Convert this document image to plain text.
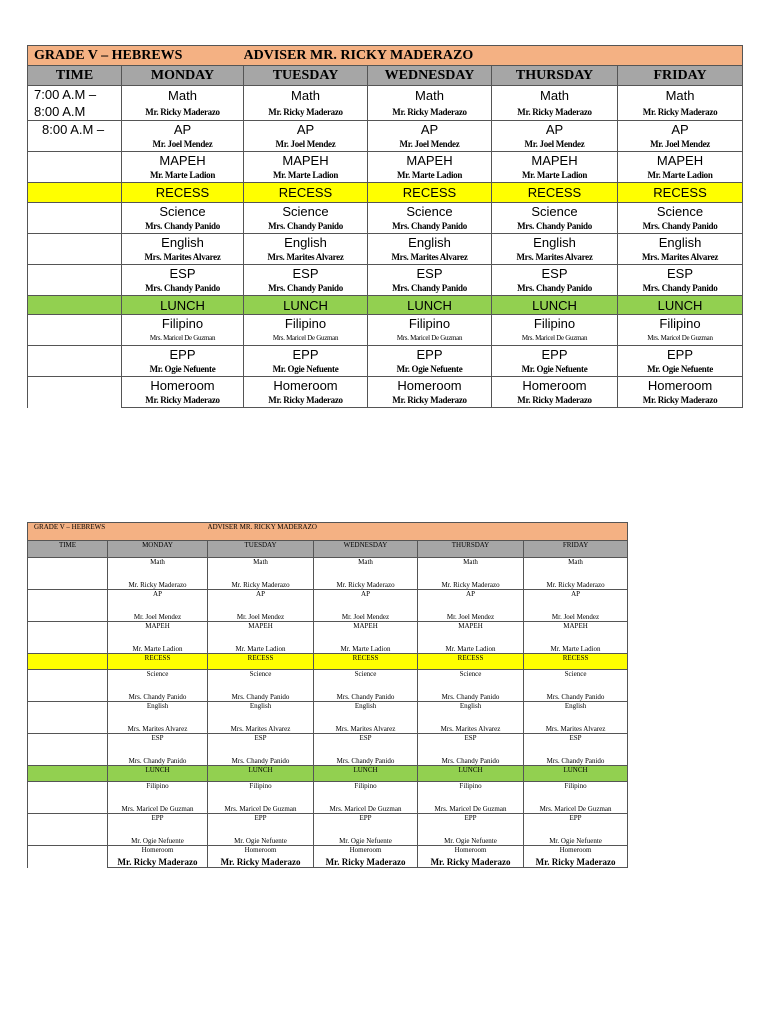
GRADE V – HEBREWS		ADVISER MR. RICKY MADERAZO			
TIME	MONDAY	TUESDAY	WEDNESDAY	THURSDAY	FRIDAY

7:00 A.M –
8:00 A.M	Math	Math	Math	Math	Math
	Mr. Ricky Maderazo	Mr. Ricky Maderazo	Mr. Ricky Maderazo	Mr. Ricky Maderazo	Mr. Ricky Maderazo

8:00 A.M –	AP	AP	AP	AP	AP
	Mr. Joel Mendez	Mr. Joel Mendez	Mr. Joel Mendez	Mr. Joel Mendez	Mr. Joel Mendez
	MAPEH	MAPEH	MAPEH	MAPEH	MAPEH
	Mr. Marte Ladion	Mr. Marte Ladion	Mr. Marte Ladion	Mr. Marte Ladion	Mr. Marte Ladion
	RECESS	RECESS	RECESS	RECESS	RECESS
	Science	Science	Science	Science	Science
	Mrs. Chandy Panido	Mrs. Chandy Panido	Mrs. Chandy Panido	Mrs. Chandy Panido	Mrs. Chandy Panido
	English	English	English	English	English
	Mrs. Marites Alvarez	Mrs. Marites Alvarez	Mrs. Marites Alvarez	Mrs. Marites Alvarez	Mrs. Marites Alvarez
	ESP	ESP	ESP	ESP	ESP
	Mrs. Chandy Panido	Mrs. Chandy Panido	Mrs. Chandy Panido	Mrs. Chandy Panido	Mrs. Chandy Panido
	LUNCH	LUNCH	LUNCH	LUNCH	LUNCH
	Filipino	Filipino	Filipino	Filipino	Filipino
	Mrs. Maricel De Guzman	Mrs. Maricel De Guzman	Mrs. Maricel De Guzman	Mrs. Maricel De Guzman	Mrs. Maricel De Guzman
	EPP	EPP	EPP	EPP	EPP
	Mr. Ogie Nefuente	Mr. Ogie Nefuente	Mr. Ogie Nefuente	Mr. Ogie Nefuente	Mr. Ogie Nefuente
	Homeroom	Homeroom	Homeroom	Homeroom	Homeroom
	Mr. Ricky Maderazo	Mr. Ricky Maderazo	Mr. Ricky Maderazo	Mr. Ricky Maderazo	Mr. Ricky Maderazo
GRADE V – HEBREWS		ADVISER MR. RICKY MADERAZO			
TIME	MONDAY	TUESDAY	WEDNESDAY	THURSDAY	FRIDAY
	Math	Math	Math	Math	Math
	Mr. Ricky Maderazo	Mr. Ricky Maderazo	Mr. Ricky Maderazo	Mr. Ricky Maderazo	Mr. Ricky Maderazo
	AP	AP	AP	AP	AP
	Mr. Joel Mendez	Mr. Joel Mendez	Mr. Joel Mendez	Mr. Joel Mendez	Mr. Joel Mendez
	MAPEH	MAPEH	MAPEH	MAPEH	MAPEH
	Mr. Marte Ladion	Mr. Marte Ladion	Mr. Marte Ladion	Mr. Marte Ladion	Mr. Marte Ladion
	RECESS	RECESS	RECESS	RECESS	RECESS
	Science	Science	Science	Science	Science
	Mrs. Chandy Panido	Mrs. Chandy Panido	Mrs. Chandy Panido	Mrs. Chandy Panido	Mrs. Chandy Panido
	English	English	English	English	English
	Mrs. Marites Alvarez	Mrs. Marites Alvarez	Mrs. Marites Alvarez	Mrs. Marites Alvarez	Mrs. Marites Alvarez
	ESP	ESP	ESP	ESP	ESP
	Mrs. Chandy Panido	Mrs. Chandy Panido	Mrs. Chandy Panido	Mrs. Chandy Panido	Mrs. Chandy Panido
	LUNCH	LUNCH	LUNCH	LUNCH	LUNCH
	Filipino	Filipino	Filipino	Filipino	Filipino
	Mrs. Maricel De Guzman	Mrs. Maricel De Guzman	Mrs. Maricel De Guzman	Mrs. Maricel De Guzman	Mrs. Maricel De Guzman
	EPP	EPP	EPP	EPP	EPP
	Mr. Ogie Nefuente	Mr. Ogie Nefuente	Mr. Ogie Nefuente	Mr. Ogie Nefuente	Mr. Ogie Nefuente
	Homeroom	Homeroom	Homeroom	Homeroom	Homeroom
	Mr. Ricky Maderazo	Mr. Ricky Maderazo	Mr. Ricky Maderazo	Mr. Ricky Maderazo	Mr. Ricky Maderazo
